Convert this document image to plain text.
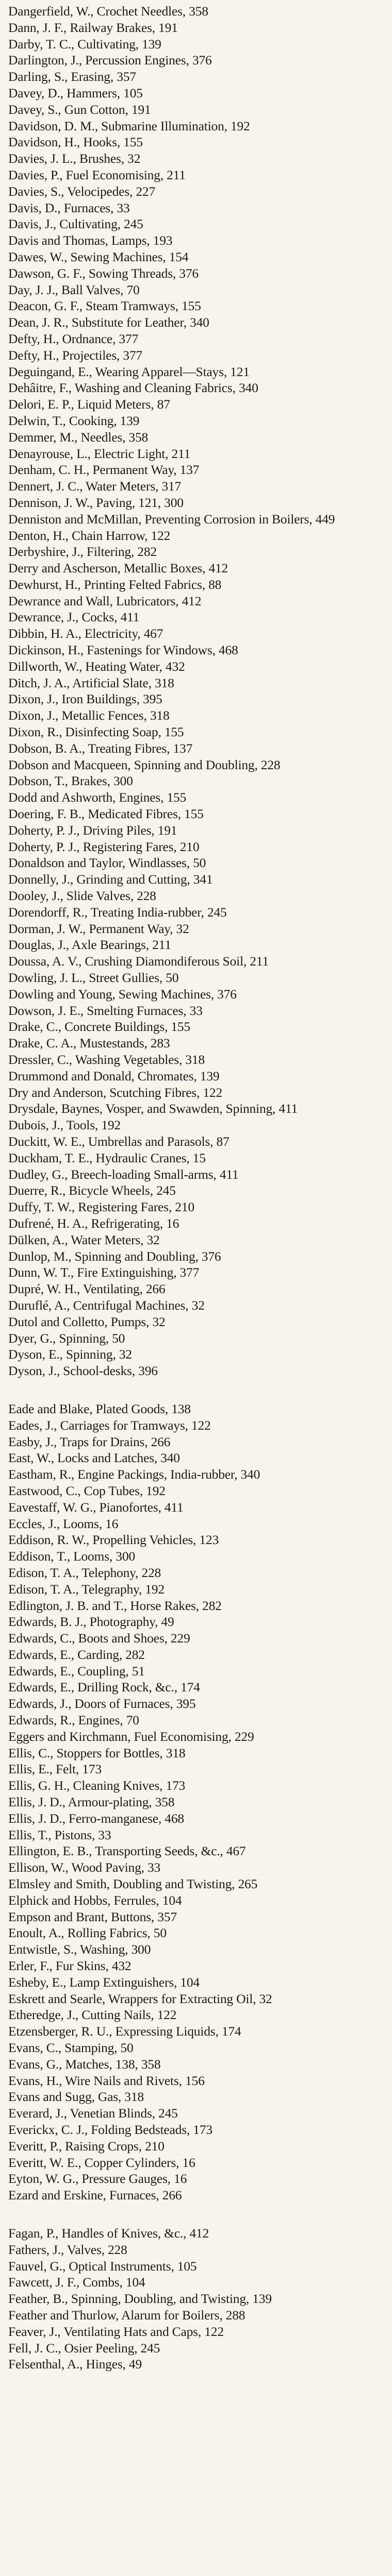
Dangerfield, W., Crochet Needles, 358
Dann, J. F., Railway Brakes, 191
Darby, T. C., Cultivating, 139
Darlington, J., Percussion Engines, 376
Darling, S., Erasing, 357
Davey, D., Hammers, 105
Davey, S., Gun Cotton, 191
Davidson, D. M., Submarine Illumination, 192
Davidson, H., Hooks, 155
Davies, J. L., Brushes, 32
Davies, P., Fuel Economising, 211
Davies, S., Velocipedes, 227
Davis, D., Furnaces, 33
Davis, J., Cultivating, 245
Davis and Thomas, Lamps, 193
Dawes, W., Sewing Machines, 154
Dawson, G. F., Sowing Threads, 376
Day, J. J., Ball Valves, 70
Deacon, G. F., Steam Tramways, 155
Dean, J. R., Substitute for Leather, 340
Defty, H., Ordnance, 377
Defty, H., Projectiles, 377
Deguingand, E., Wearing Apparel—Stays, 121
Dehâitre, F., Washing and Cleaning Fabrics, 340
Delori, E. P., Liquid Meters, 87
Delwin, T., Cooking, 139
Demmer, M., Needles, 358
Denayrouse, L., Electric Light, 211
Denham, C. H., Permanent Way, 137
Dennert, J. C., Water Meters, 317
Dennison, J. W., Paving, 121, 300
Denniston and McMillan, Preventing Corrosion in Boilers, 449
Denton, H., Chain Harrow, 122
Derbyshire, J., Filtering, 282
Derry and Ascherson, Metallic Boxes, 412
Dewhurst, H., Printing Felted Fabrics, 88
Dewrance and Wall, Lubricators, 412
Dewrance, J., Cocks, 411
Dibbin, H. A., Electricity, 467
Dickinson, H., Fastenings for Windows, 468
Dillworth, W., Heating Water, 432
Ditch, J. A., Artificial Slate, 318
Dixon, J., Iron Buildings, 395
Dixon, J., Metallic Fences, 318
Dixon, R., Disinfecting Soap, 155
Dobson, B. A., Treating Fibres, 137
Dobson and Macqueen, Spinning and Doubling, 228
Dobson, T., Brakes, 300
Dodd and Ashworth, Engines, 155
Doering, F. B., Medicated Fibres, 155
Doherty, P. J., Driving Piles, 191
Doherty, P. J., Registering Fares, 210
Donaldson and Taylor, Windlasses, 50
Donnelly, J., Grinding and Cutting, 341
Dooley, J., Slide Valves, 228
Dorendorff, R., Treating India-rubber, 245
Dorman, J. W., Permanent Way, 32
Douglas, J., Axle Bearings, 211
Doussa, A. V., Crushing Diamondiferous Soil, 211
Dowling, J. L., Street Gullies, 50
Dowling and Young, Sewing Machines, 376
Dowson, J. E., Smelting Furnaces, 33
Drake, C., Concrete Buildings, 155
Drake, C. A., Mustestands, 283
Dressler, C., Washing Vegetables, 318
Drummond and Donald, Chromates, 139
Dry and Anderson, Scutching Fibres, 122
Drysdale, Baynes, Vosper, and Swawden, Spinning, 411
Dubois, J., Tools, 192
Duckitt, W. E., Umbrellas and Parasols, 87
Duckham, T. E., Hydraulic Cranes, 15
Dudley, G., Breech-loading Small-arms, 411
Duerre, R., Bicycle Wheels, 245
Duffy, T. W., Registering Fares, 210
Dufrené, H. A., Refrigerating, 16
Dülken, A., Water Meters, 32
Dunlop, M., Spinning and Doubling, 376
Dunn, W. T., Fire Extinguishing, 377
Dupré, W. H., Ventilating, 266
Duruflé, A., Centrifugal Machines, 32
Dutol and Colletto, Pumps, 32
Dyer, G., Spinning, 50
Dyson, E., Spinning, 32
Dyson, J., School-desks, 396
Eade and Blake, Plated Goods, 138
Eades, J., Carriages for Tramways, 122
Easby, J., Traps for Drains, 266
East, W., Locks and Latches, 340
Eastham, R., Engine Packings, India-rubber, 340
Eastwood, C., Cop Tubes, 192
Eavestaff, W. G., Pianofortes, 411
Eccles, J., Looms, 16
Eddison, R. W., Propelling Vehicles, 123
Eddison, T., Looms, 300
Edison, T. A., Telephony, 228
Edison, T. A., Telegraphy, 192
Edlington, J. B. and T., Horse Rakes, 282
Edwards, B. J., Photography, 49
Edwards, C., Boots and Shoes, 229
Edwards, E., Carding, 282
Edwards, E., Coupling, 51
Edwards, E., Drilling Rock, &c., 174
Edwards, J., Doors of Furnaces, 395
Edwards, R., Engines, 70
Eggers and Kirchmann, Fuel Economising, 229
Ellis, C., Stoppers for Bottles, 318
Ellis, E., Felt, 173
Ellis, G. H., Cleaning Knives, 173
Ellis, J. D., Armour-plating, 358
Ellis, J. D., Ferro-manganese, 468
Ellis, T., Pistons, 33
Ellington, E. B., Transporting Seeds, &c., 467
Ellison, W., Wood Paving, 33
Elmsley and Smith, Doubling and Twisting, 265
Elphick and Hobbs, Ferrules, 104
Empson and Brant, Buttons, 357
Enoult, A., Rolling Fabrics, 50
Entwistle, S., Washing, 300
Erler, F., Fur Skins, 432
Esheby, E., Lamp Extinguishers, 104
Eskrett and Searle, Wrappers for Extracting Oil, 32
Etheredge, J., Cutting Nails, 122
Etzensberger, R. U., Expressing Liquids, 174
Evans, C., Stamping, 50
Evans, G., Matches, 138, 358
Evans, H., Wire Nails and Rivets, 156
Evans and Sugg, Gas, 318
Everard, J., Venetian Blinds, 245
Everickx, C. J., Folding Bedsteads, 173
Everitt, P., Raising Crops, 210
Everitt, W. E., Copper Cylinders, 16
Eyton, W. G., Pressure Gauges, 16
Ezard and Erskine, Furnaces, 266
Fagan, P., Handles of Knives, &c., 412
Fathers, J., Valves, 228
Fauvel, G., Optical Instruments, 105
Fawcett, J. F., Combs, 104
Feather, B., Spinning, Doubling, and Twisting, 139
Feather and Thurlow, Alarum for Boilers, 288
Feaver, J., Ventilating Hats and Caps, 122
Fell, J. C., Osier Peeling, 245
Felsenthal, A., Hinges, 49
